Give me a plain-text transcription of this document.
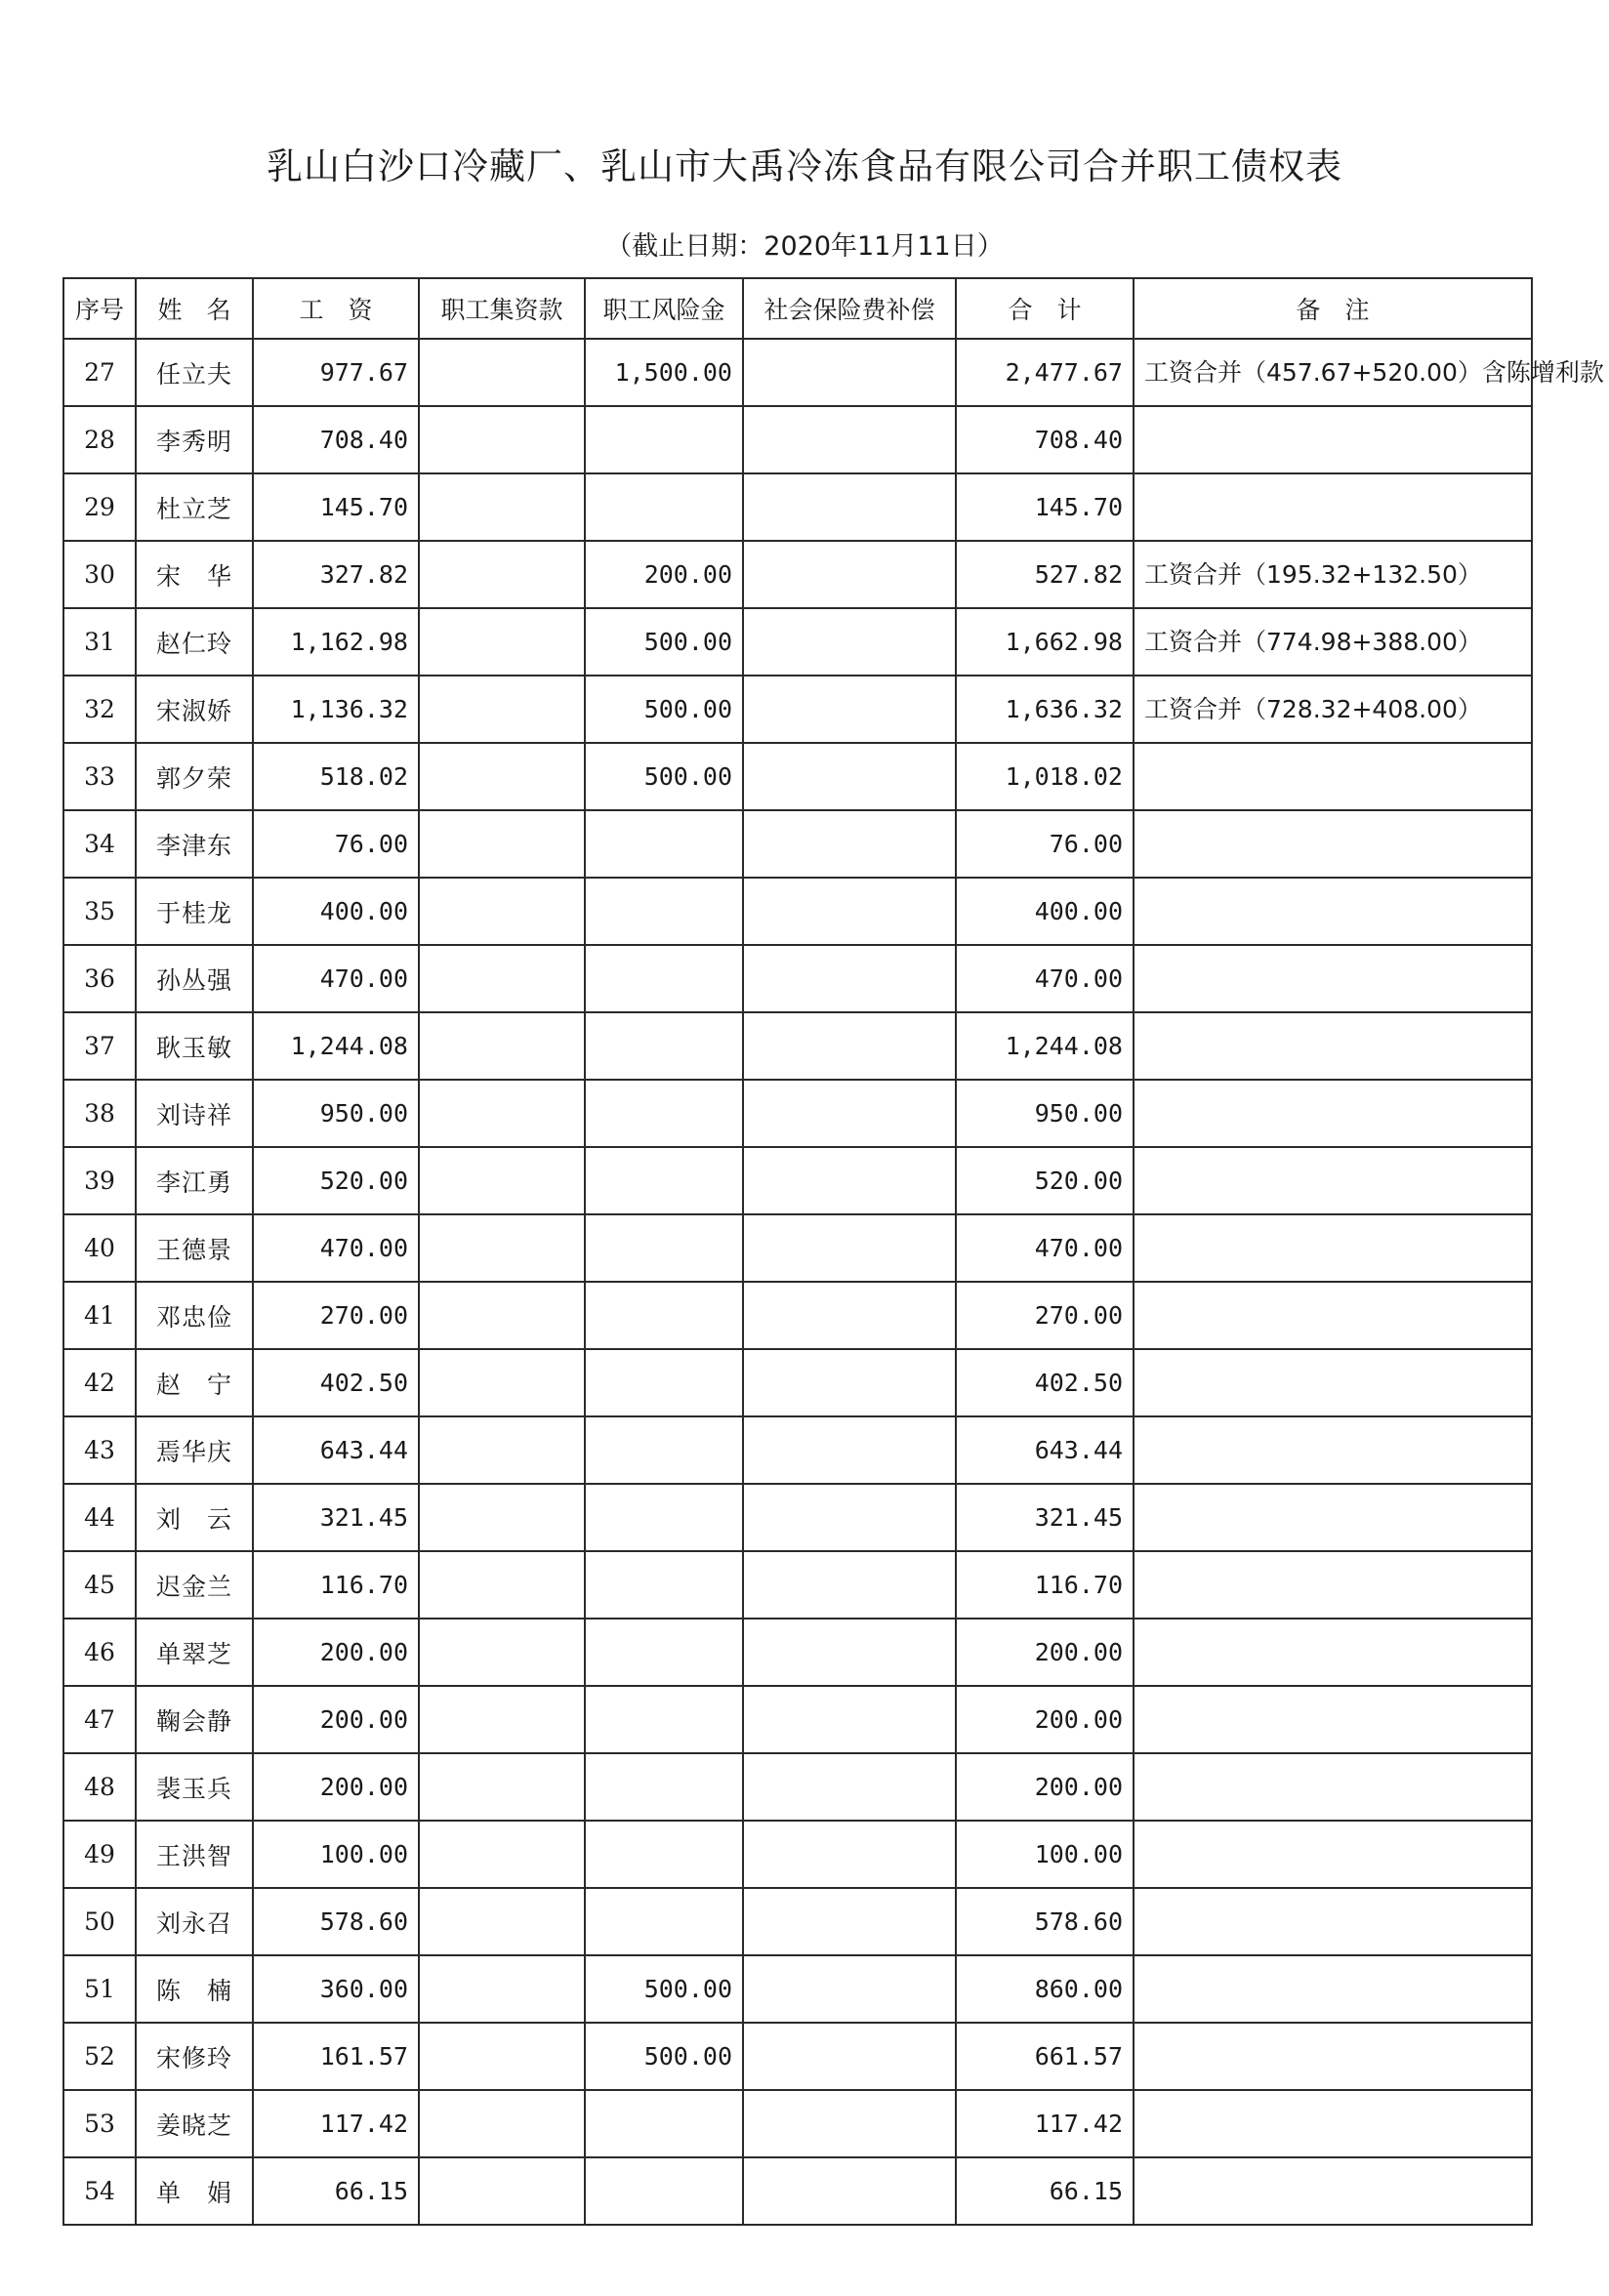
乳山白沙口冷藏厂、乳山市大禹冷冻食品有限公司合并职工债权表
（截止日期：2020年11月11日）
序号	姓　名	工　资	职工集资款	职工风险金	社会保险费补偿	合　计	备　注
27	任立夫	977.67		1,500.00		2,477.67	工资合并（457.67+520.00）含陈增利款
28	李秀明	708.40				708.40	
29	杜立芝	145.70				145.70	
30	宋　华	327.82		200.00		527.82	工资合并（195.32+132.50）
31	赵仁玲	1,162.98		500.00		1,662.98	工资合并（774.98+388.00）
32	宋淑娇	1,136.32		500.00		1,636.32	工资合并（728.32+408.00）
33	郭夕荣	518.02		500.00		1,018.02	
34	李津东	76.00				76.00	
35	于桂龙	400.00				400.00	
36	孙丛强	470.00				470.00	
37	耿玉敏	1,244.08				1,244.08	
38	刘诗祥	950.00				950.00	
39	李江勇	520.00				520.00	
40	王德景	470.00				470.00	
41	邓忠俭	270.00				270.00	
42	赵　宁	402.50				402.50	
43	焉华庆	643.44				643.44	
44	刘　云	321.45				321.45	
45	迟金兰	116.70				116.70	
46	单翠芝	200.00				200.00	
47	鞠会静	200.00				200.00	
48	裴玉兵	200.00				200.00	
49	王洪智	100.00				100.00	
50	刘永召	578.60				578.60	
51	陈　楠	360.00		500.00		860.00	
52	宋修玲	161.57		500.00		661.57	
53	姜晓芝	117.42				117.42	
54	单　娟	66.15				66.15	
